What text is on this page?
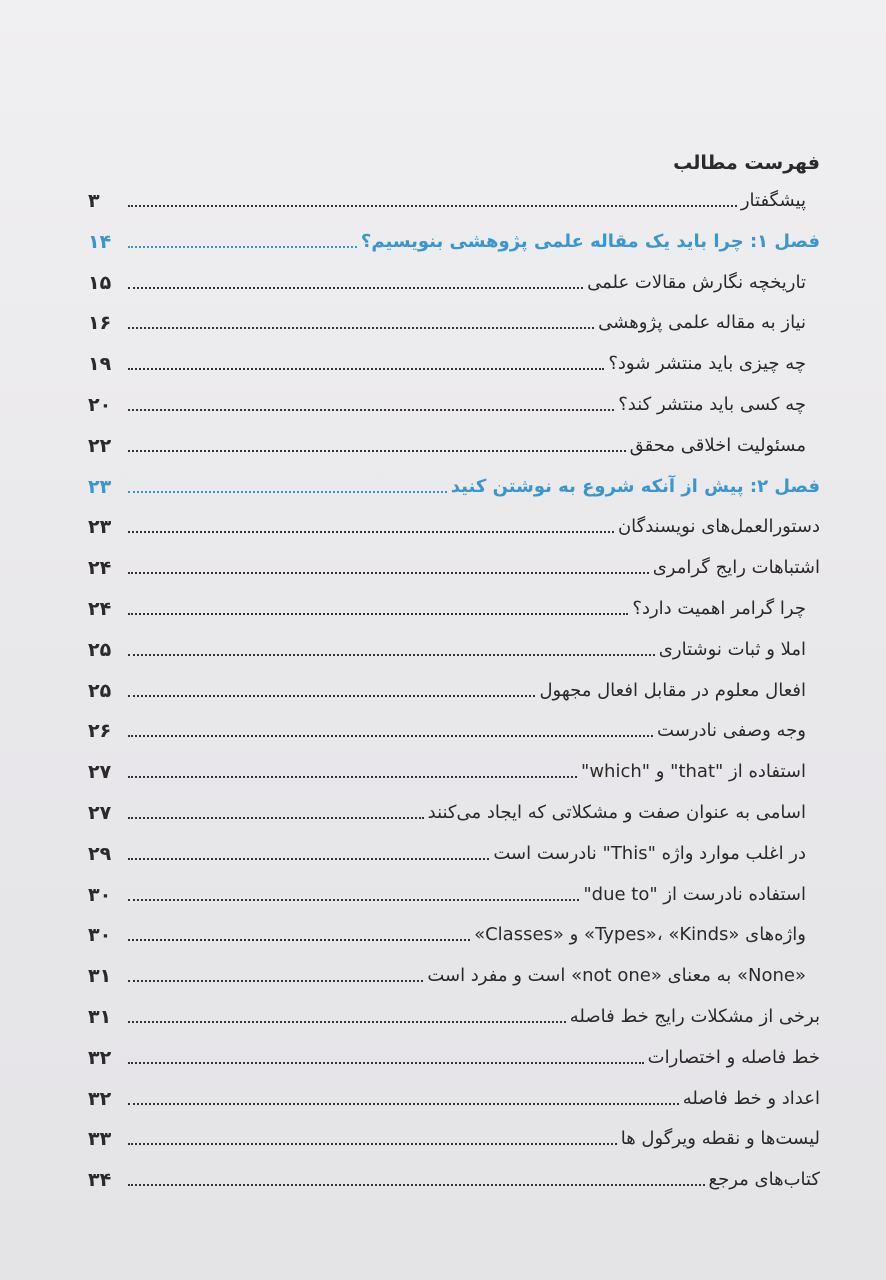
فهرست مطالب
پیشگفتار
۳
فصل ۱: چرا باید یک مقاله علمی پژوهشی بنویسیم؟
۱۴
تاریخچه نگارش مقالات علمی
۱۵
نیاز به مقاله علمی پژوهشی
۱۶
چه چیزی باید منتشر شود؟
۱۹
چه کسی باید منتشر کند؟
۲۰
مسئولیت اخلاقی محقق
۲۲
فصل ۲: پیش از آنکه شروع به نوشتن کنید
۲۳
دستورالعمل‌های نویسندگان
۲۳
اشتباهات رایج گرامری
۲۴
چرا گرامر اهمیت دارد؟
۲۴
املا و ثبات نوشتاری
۲۵
افعال معلوم در مقابل افعال مجهول
۲۵
وجه وصفی نادرست
۲۶
استفاده از "that" و "which"
۲۷
اسامی به عنوان صفت و مشکلاتی که ایجاد می‌کنند
۲۷
در اغلب موارد واژه "This" نادرست است
۲۹
استفاده نادرست از "due to"
۳۰
واژه‌های «Types»، «Kinds» و «Classes»
۳۰
«None» به معنای «not one» است و مفرد است
۳۱
برخی از مشکلات رایج خط فاصله
۳۱
خط فاصله و اختصارات
۳۲
اعداد و خط فاصله
۳۲
لیست‌ها و نقطه ویرگول ها
۳۳
کتاب‌های مرجع
۳۴
